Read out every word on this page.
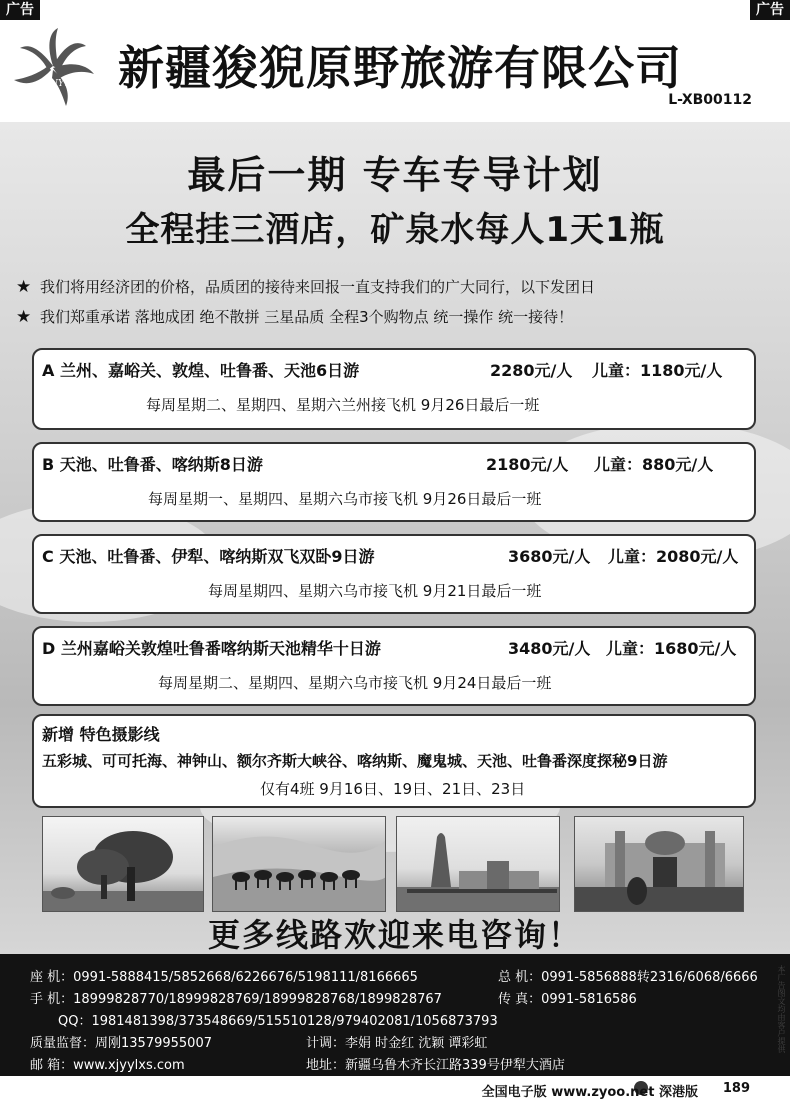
广告	广告
SNYY 新疆狻猊原野旅游有限公司
L-XB00112
最后一期 专车专导计划
全程挂三酒店，矿泉水每人1天1瓶
★ 我们将用经济团的价格，品质团的接待来回报一直支持我们的广大同行，以下发团日
★ 我们郑重承诺 落地成团 绝不散拼 三星品质 全程3个购物点 统一操作 统一接待！
A 兰州、嘉峪关、敦煌、吐鲁番、天池6日游	2280元/人 儿童：1180元/人
每周星期二、星期四、星期六兰州接飞机 9月26日最后一班
B 天池、吐鲁番、喀纳斯8日游	2180元/人 儿童：880元/人
每周星期一、星期四、星期六乌市接飞机 9月26日最后一班
C 天池、吐鲁番、伊犁、喀纳斯双飞双卧9日游	3680元/人 儿童：2080元/人
每周星期四、星期六乌市接飞机 9月21日最后一班
D 兰州嘉峪关敦煌吐鲁番喀纳斯天池精华十日游	3480元/人 儿童：1680元/人
每周星期二、星期四、星期六乌市接飞机 9月24日最后一班
新增 特色摄影线
五彩城、可可托海、神钟山、额尔齐斯大峡谷、喀纳斯、魔鬼城、天池、吐鲁番深度探秘9日游
仅有4班 9月16日、19日、21日、23日
更多线路欢迎来电咨询！
座 机：0991-5888415/5852668/6226676/5198111/8166665	总 机：0991-5856888转2316/6068/6666
手 机：18999828770/18999828769/18999828768/1899828767	传 真：0991-5816586
QQ：1981481398/373548669/515510128/979402081/1056873793
质量监督：周刚13579955007	计调：李娟 时金红 沈颖 谭彩虹
邮 箱：www.xjyylxs.com	地址：新疆乌鲁木齐长江路339号伊犁大酒店
全国电子版 www.zyoo.net 深港版 189
本广告图文均由客户提供
